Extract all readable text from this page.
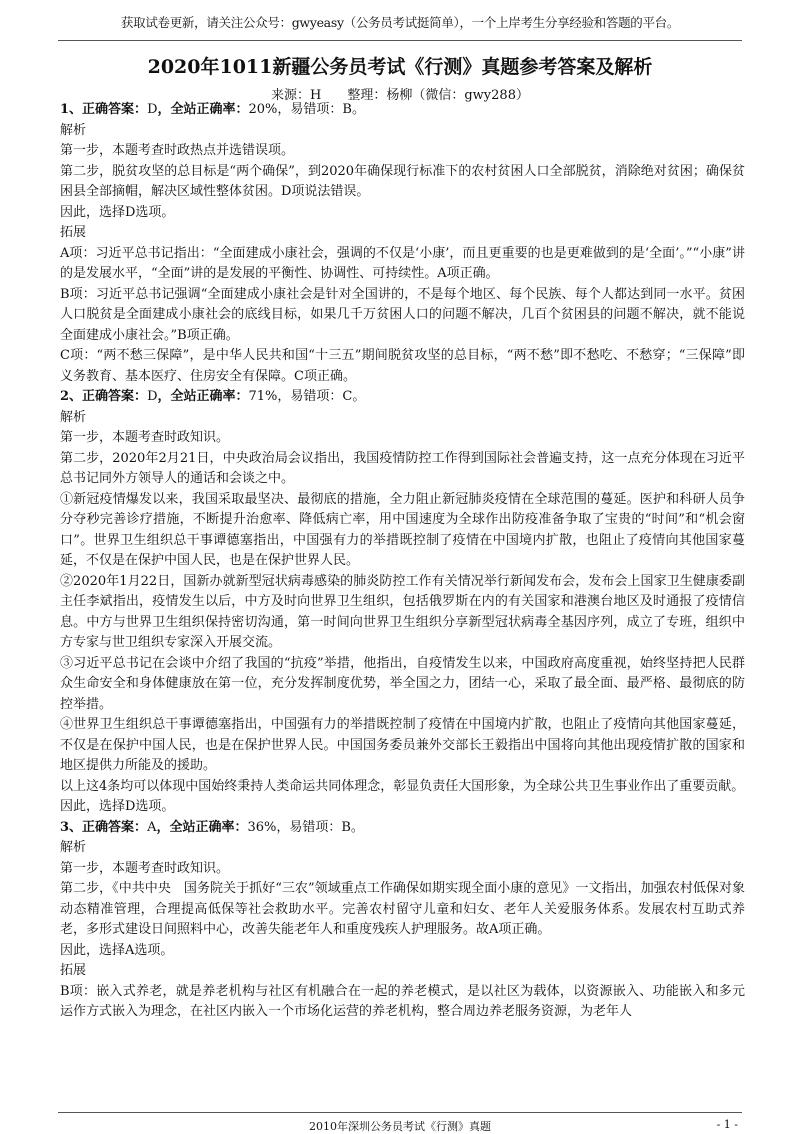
获取试卷更新，请关注公众号：gwyeasy（公务员考试挺简单），一个上岸考生分享经验和答题的平台。
2020年1011新疆公务员考试《行测》真题参考答案及解析
来源：H　　整理：杨柳（微信：gwy288）

1、正确答案：D，全站正确率：20%，易错项：B。

解析

第一步，本题考查时政热点并选错误项。

第二步，脱贫攻坚的总目标是“两个确保”，到2020年确保现行标准下的农村贫困人口全部脱贫，消除绝对贫困；确保贫困县全部摘帽，解决区域性整体贫困。D项说法错误。

因此，选择D选项。

拓展

A项：习近平总书记指出：“全面建成小康社会，强调的不仅是‘小康’，而且更重要的也是更难做到的是‘全面’。”“小康”讲的是发展水平，“全面”讲的是发展的平衡性、协调性、可持续性。A项正确。

B项：习近平总书记强调“全面建成小康社会是针对全国讲的，不是每个地区、每个民族、每个人都达到同一水平。贫困人口脱贫是全面建成小康社会的底线目标，如果几千万贫困人口的问题不解决，几百个贫困县的问题不解决，就不能说全面建成小康社会。”B项正确。

C项：“两不愁三保障”，是中华人民共和国“十三五”期间脱贫攻坚的总目标，“两不愁”即不愁吃、不愁穿；“三保障”即义务教育、基本医疗、住房安全有保障。C项正确。

2、正确答案：D，全站正确率：71%，易错项：C。

解析

第一步，本题考查时政知识。

第二步，2020年2月21日，中央政治局会议指出，我国疫情防控工作得到国际社会普遍支持，这一点充分体现在习近平总书记同外方领导人的通话和会谈之中。

①新冠疫情爆发以来，我国采取最坚决、最彻底的措施，全力阻止新冠肺炎疫情在全球范围的蔓延。医护和科研人员争分夺秒完善诊疗措施，不断提升治愈率、降低病亡率，用中国速度为全球作出防疫准备争取了宝贵的“时间”和“机会窗口”。世界卫生组织总干事谭德塞指出，中国强有力的举措既控制了疫情在中国境内扩散，也阻止了疫情向其他国家蔓延，不仅是在保护中国人民，也是在保护世界人民。

②2020年1月22日，国新办就新型冠状病毒感染的肺炎防控工作有关情况举行新闻发布会，发布会上国家卫生健康委副主任李斌指出，疫情发生以后，中方及时向世界卫生组织，包括俄罗斯在内的有关国家和港澳台地区及时通报了疫情信息。中方与世界卫生组织保持密切沟通，第一时间向世界卫生组织分享新型冠状病毒全基因序列，成立了专班，组织中方专家与世卫组织专家深入开展交流。

③习近平总书记在会谈中介绍了我国的“抗疫”举措，他指出，自疫情发生以来，中国政府高度重视，始终坚持把人民群众生命安全和身体健康放在第一位，充分发挥制度优势，举全国之力，团结一心，采取了最全面、最严格、最彻底的防控举措。

④世界卫生组织总干事谭德塞指出，中国强有力的举措既控制了疫情在中国境内扩散，也阻止了疫情向其他国家蔓延，不仅是在保护中国人民，也是在保护世界人民。中国国务委员兼外交部长王毅指出中国将向其他出现疫情扩散的国家和地区提供力所能及的援助。

以上这4条均可以体现中国始终秉持人类命运共同体理念，彰显负责任大国形象，为全球公共卫生事业作出了重要贡献。

因此，选择D选项。

3、正确答案：A，全站正确率：36%，易错项：B。

解析

第一步，本题考查时政知识。

第二步，《中共中央　国务院关于抓好“三农”领域重点工作确保如期实现全面小康的意见》一文指出，加强农村低保对象动态精准管理，合理提高低保等社会救助水平。完善农村留守儿童和妇女、老年人关爱服务体系。发展农村互助式养老，多形式建设日间照料中心，改善失能老年人和重度残疾人护理服务。故A项正确。

因此，选择A选项。

拓展

B项：嵌入式养老，就是养老机构与社区有机融合在一起的养老模式，是以社区为载体，以资源嵌入、功能嵌入和多元运作方式嵌入为理念，在社区内嵌入一个市场化运营的养老机构，整合周边养老服务资源，为老年人

2010年深圳公务员考试《行测》真题	- 1 -
